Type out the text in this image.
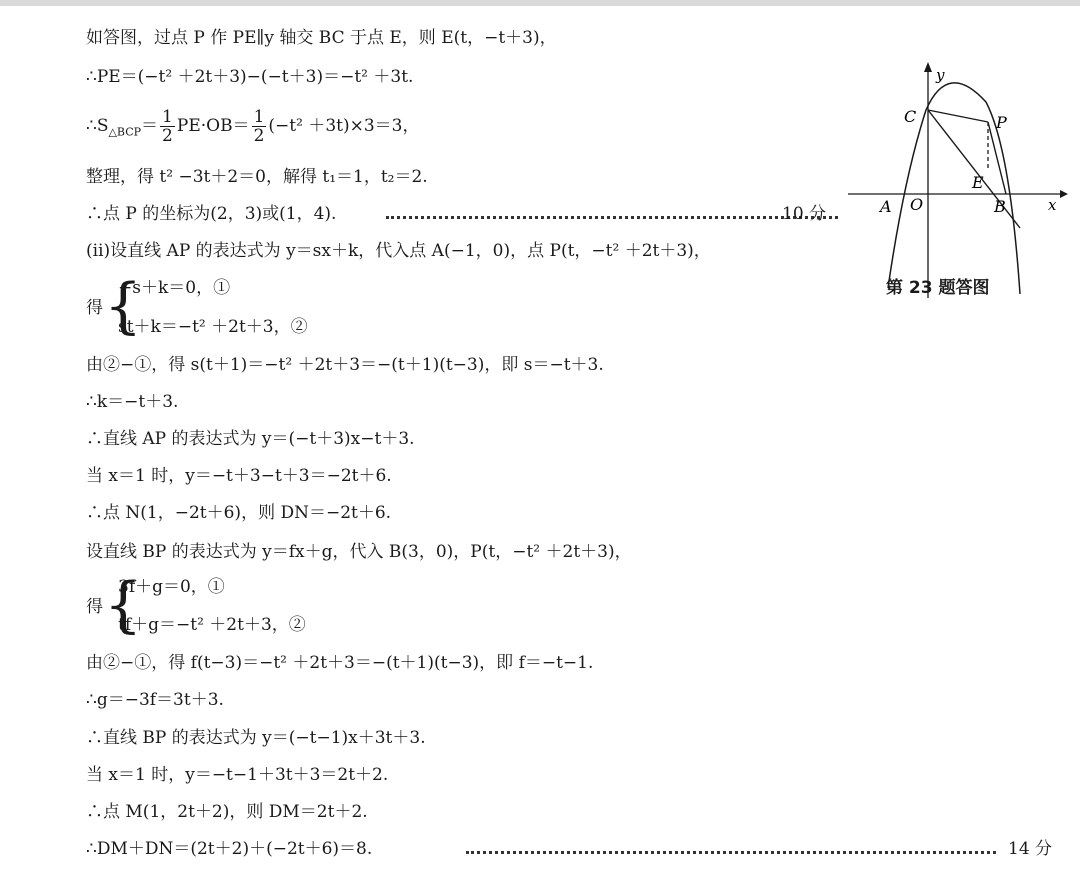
如答图，过点 P 作 PE∥y 轴交 BC 于点 E，则 E(t，−t＋3)，
∴PE＝(−t² ＋2t＋3)−(−t＋3)＝−t² ＋3t.
$\therefore S_{\triangle BCP}= \frac{1}{2} PE\cdot OB= \frac{1}{2} (-t^2 +3t)\times 3=3$，
整理，得 t² −3t＋2＝0，解得 t₁＝1，t₂＝2.
∴点 P 的坐标为(2，3)或(1，4).	10 分
(ⅱ)设直线 AP 的表达式为 y＝sx＋k，代入点 A(−1，0)，点 P(t，−t² ＋2t＋3)，
得 {
−s＋k＝0，①
st＋k＝−t² ＋2t＋3，②
由②−①，得 s(t＋1)＝−t² ＋2t＋3＝−(t＋1)(t−3)，即 s＝−t＋3.
∴k＝−t＋3.
∴直线 AP 的表达式为 y＝(−t＋3)x−t＋3.
当 x＝1 时，y＝−t＋3−t＋3＝−2t＋6.
∴点 N(1，−2t＋6)，则 DN＝−2t＋6.
设直线 BP 的表达式为 y＝fx＋g，代入 B(3，0)，P(t，−t² ＋2t＋3)，
得 {
3f＋g＝0，①
tf＋g＝−t² ＋2t＋3，②
由②−①，得 f(t−3)＝−t² ＋2t＋3＝−(t＋1)(t−3)，即 f＝−t−1.
∴g＝−3f＝3t＋3.
∴直线 BP 的表达式为 y＝(−t−1)x＋3t＋3.
当 x＝1 时，y＝−t−1＋3t＋3＝2t＋2.
∴点 M(1，2t＋2)，则 DM＝2t＋2.
∴DM＋DN＝(2t＋2)＋(−2t＋6)＝8.	14 分
y
x
C	P
E
A O	B
第 23 题答图
